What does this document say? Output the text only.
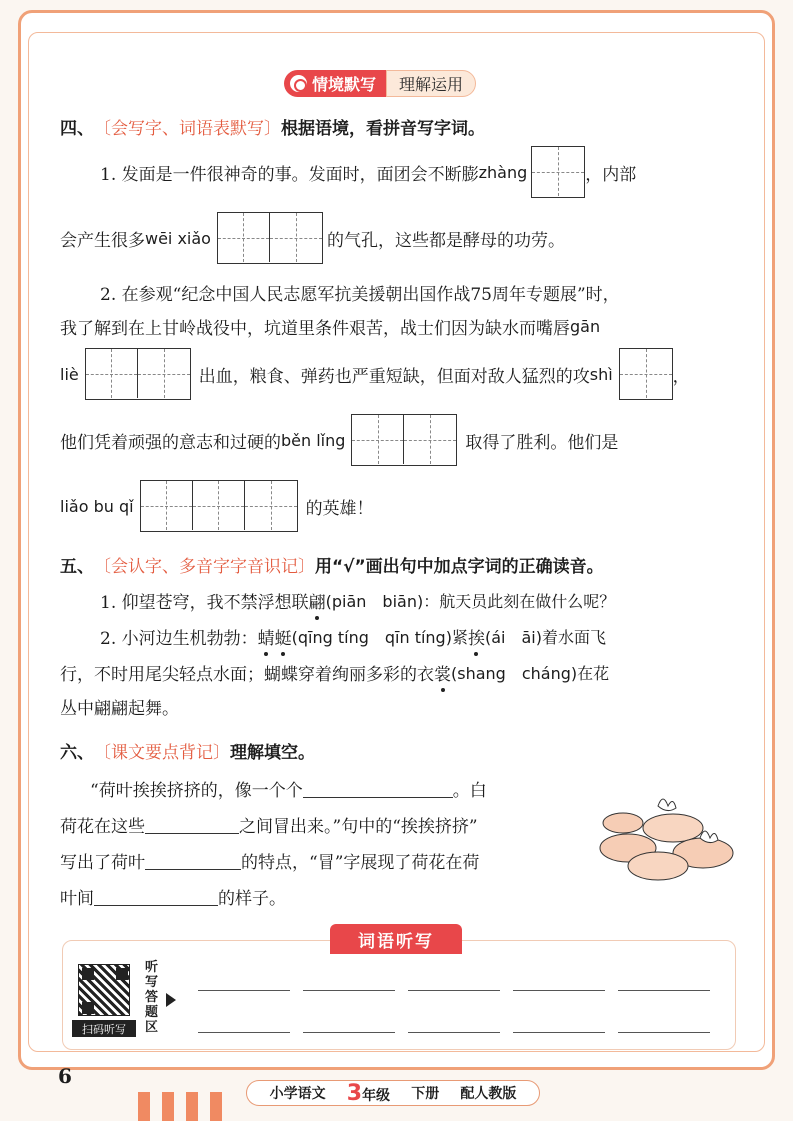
情境默写	理解运用
四、 〔会写字、词语表默写〕 根据语境，看拼音写字词。
1. 发面是一件很神奇的事。发面时，面团会不断膨 zhàng	，内部
会产生很多 wēi xiǎo	的气孔，这些都是酵母的功劳。
2. 在参观“纪念中国人民志愿军抗美援朝出国作战75周年专题展”时，
我了解到在上甘岭战役中，坑道里条件艰苦，战士们因为缺水而嘴唇 gān
liè	出血，粮食、弹药也严重短缺，但面对敌人猛烈的攻 shì	，
他们凭着顽强的意志和过硬的 běn lǐng	取得了胜利。他们是
liǎo bu qǐ	的英雄！
五、 〔会认字、多音字字音识记〕 用“√”画出句中加点字词的正确读音。
1. 仰望苍穹，我不禁浮想联 翩 (piān　biān)：航天员此刻在做什么呢？
2. 小河边生机勃勃： 蜻 蜓 (qīng tíng　qīn tíng)紧 挨 (ái　āi)着水面飞
行，不时用尾尖轻点水面；蝴蝶穿着绚丽多彩的衣 裳 (shang　cháng)在花
丛中翩翩起舞。
六、 〔课文要点背记〕 理解填空。
“荷叶挨挨挤挤的，像一个个	。白
荷花在这些	之间冒出来。”句中的“挨挨挤挤”
写出了荷叶	的特点，“冒”字展现了荷花在荷
叶间	的样子。
词语听写
扫码听写
听
写
答
题
区
6
小学语文 3年级 下册 配人教版
